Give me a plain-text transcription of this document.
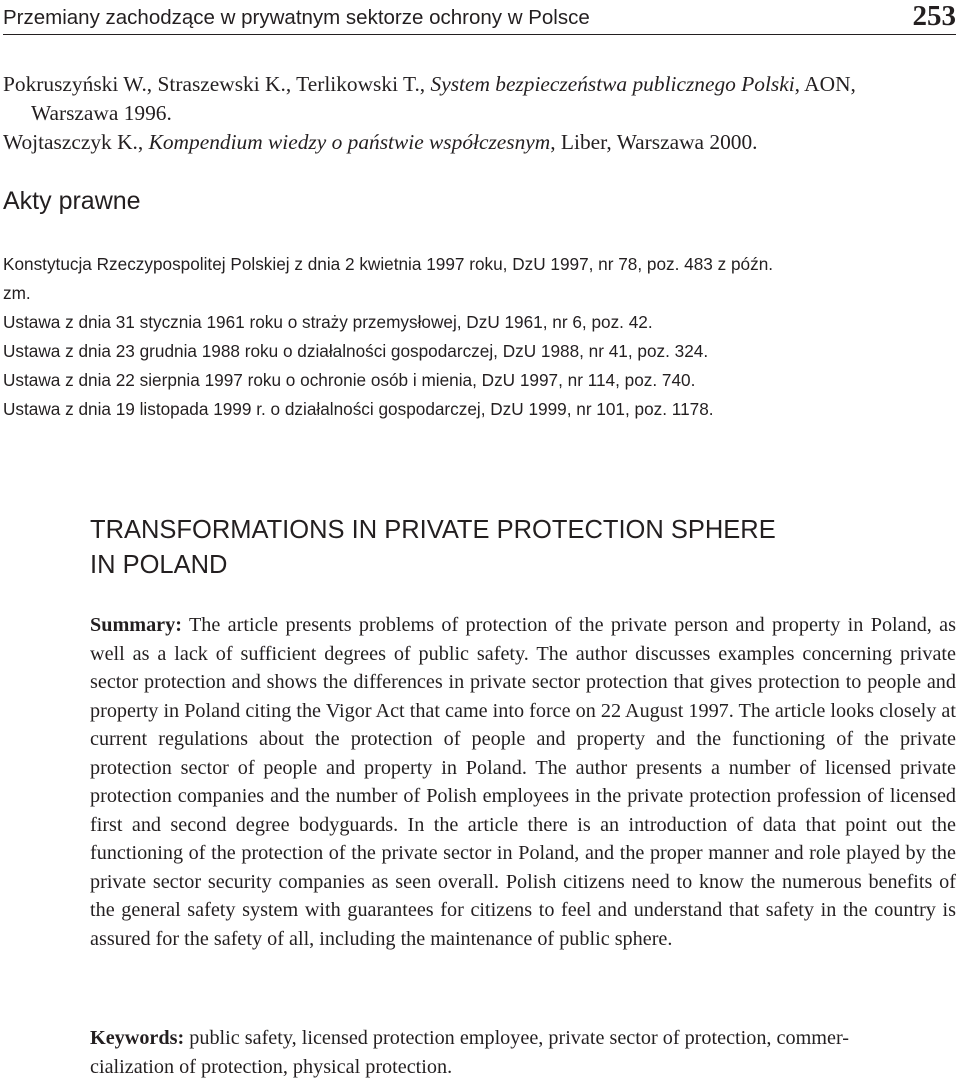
Przemiany zachodzące w prywatnym sektorze ochrony w Polsce	253

Pokruszyński W., Straszewski K., Terlikowski T., System bezpieczeństwa publicznego Polski, AON,

Warszawa 1996.

Wojtaszczyk K., Kompendium wiedzy o państwie współczesnym, Liber, Warszawa 2000.

Akty prawne

Konstytucja Rzeczypospolitej Polskiej z dnia 2 kwietnia 1997 roku, DzU 1997, nr 78, poz. 483 z późn.

zm.

Ustawa z dnia 31 stycznia 1961 roku o straży przemysłowej, DzU 1961, nr 6, poz. 42.

Ustawa z dnia 23 grudnia 1988 roku o działalności gospodarczej, DzU 1988, nr 41, poz. 324.

Ustawa z dnia 22 sierpnia 1997 roku o ochronie osób i mienia, DzU 1997, nr 114, poz. 740.

Ustawa z dnia 19 listopada 1999 r. o działalności gospodarczej, DzU 1999, nr 101, poz. 1178.

TRANSFORMATIONS IN PRIVATE PROTECTION SPHERE
IN POLAND

Summary: The article presents problems of protection of the private person and property in Poland, as well as a lack of sufficient degrees of public safety. The author discusses examples concerning private sector protection and shows the differences in private sector protection that gives protection to people and property in Poland citing the Vigor Act that came into force on 22 August 1997. The article looks closely at current regulations about the protection of people and property and the functioning of the private protection sector of people and property in Poland. The author presents a number of licensed private protection companies and the number of Polish employees in the private protection profession of licensed first and second degree bodyguards. In the article there is an introduction of data that point out the functioning of the protection of the private sector in Poland, and the proper manner and role played by the private sector security companies as seen overall. Polish citizens need to know the numerous benefits of the general safety system with guarantees for citizens to feel and understand that safety in the country is assured for the safety of all, including the maintenance of public sphere.

Keywords: public safety, licensed protection employee, private sector of protection, commer-
cialization of protection, physical protection.
